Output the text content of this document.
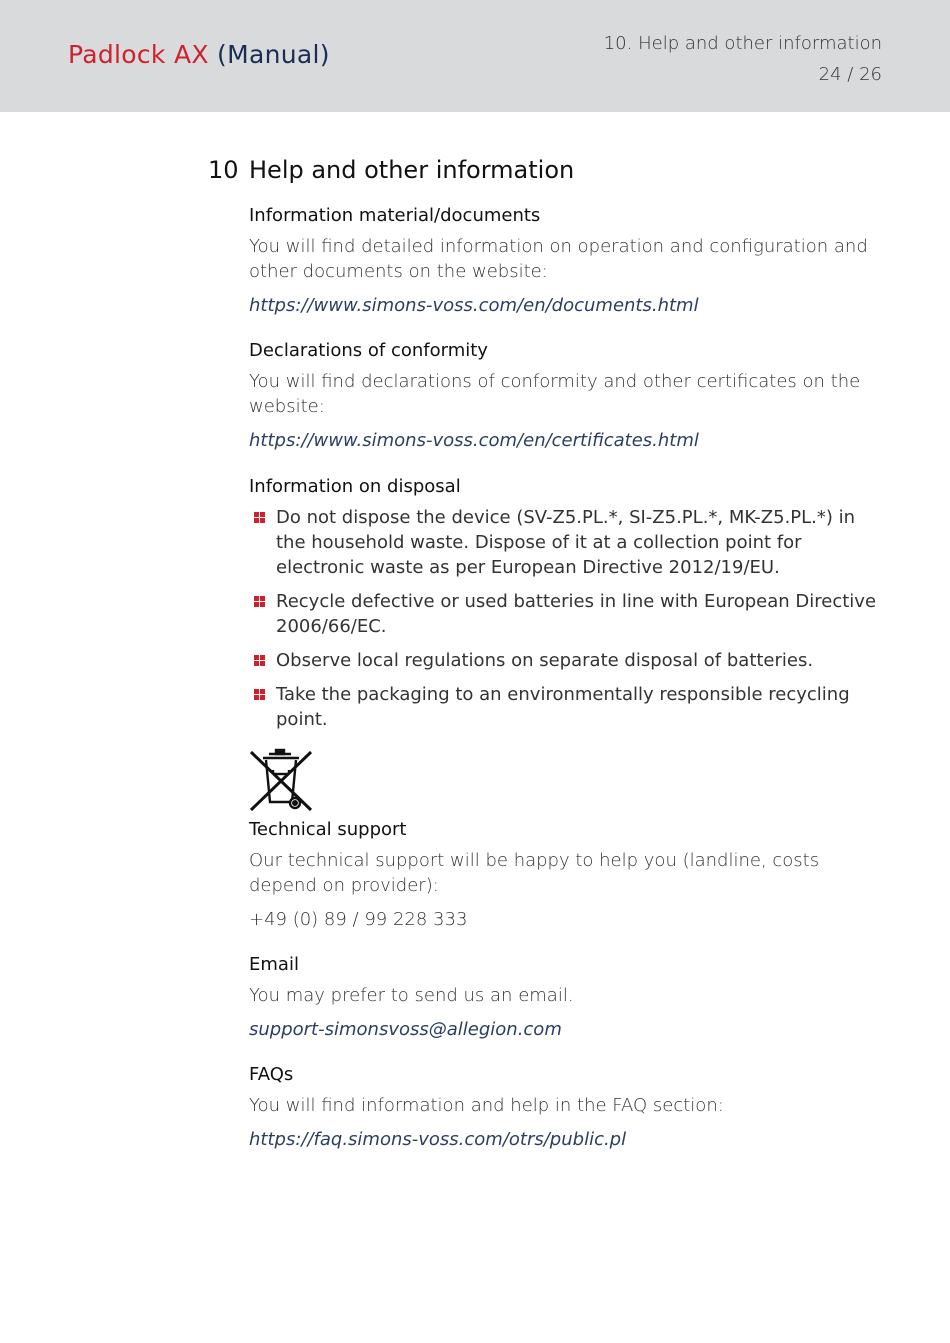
Padlock AX (Manual)	10. Help and other information
24 / 26
10 Help and other information
Information material/documents

You will find detailed information on operation and configuration and other documents on the website:

https://www.simons-voss.com/en/documents.html

Declarations of conformity

You will find declarations of conformity and other certificates on the website:

https://www.simons-voss.com/en/certificates.html

Information on disposal
Do not dispose the device (SV-Z5.PL.*, SI-Z5.PL.*, MK-Z5.PL.*) in the household waste. Dispose of it at a collection point for electronic waste as per European Directive 2012/19/EU.
Recycle defective or used batteries in line with European Directive 2006/66/EC.
Observe local regulations on separate disposal of batteries.
Take the packaging to an environmentally responsible recycling point.
Technical support

Our technical support will be happy to help you (landline, costs depend on provider):

+49 (0) 89 / 99 228 333

Email

You may prefer to send us an email.

support-simonsvoss@allegion.com

FAQs

You will find information and help in the FAQ section:

https://faq.simons-voss.com/otrs/public.pl
